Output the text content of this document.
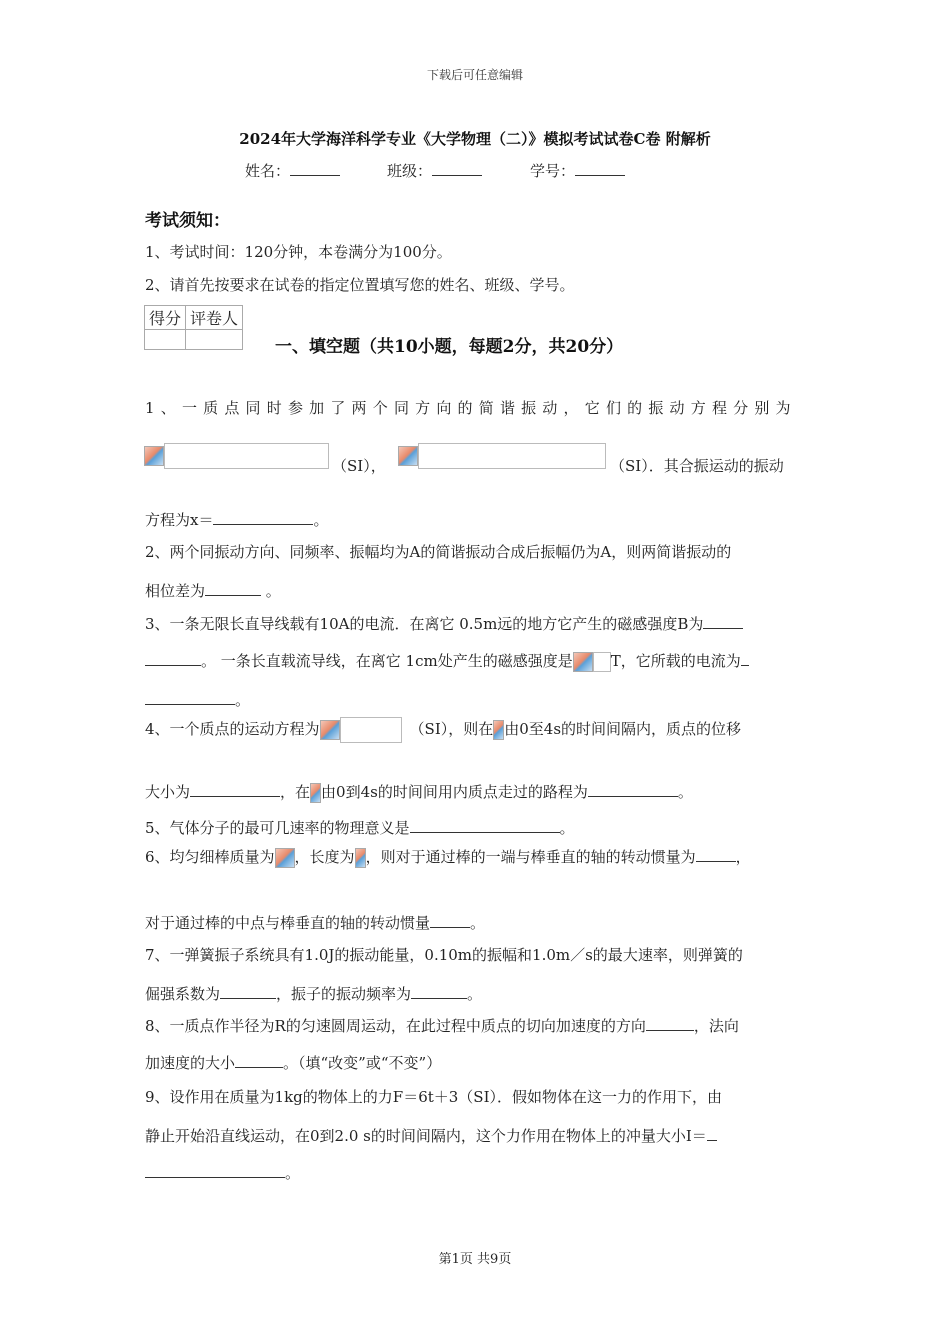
下载后可任意编辑
2024年大学海洋科学专业《大学物理（二）》模拟考试试卷C卷 附解析
姓名：	班级：	学号：
考试须知：
1、考试时间：120分钟，本卷满分为100分。
2、请首先按要求在试卷的指定位置填写您的姓名、班级、学号。
得分	评卷人

一、填空题（共10小题，每题2分，共20分）
1、一质点同时参加了两个同方向的简谐振动，它们的振动方程分别为
（SI），	（SI）．其合振运动的振动
方程为x＝	。
2、两个同振动方向、同频率、振幅均为A的简谐振动合成后振幅仍为A，则两简谐振动的
相位差为	。
3、一条无限长直导线载有10A的电流．在离它 0.5m远的地方它产生的磁感强度B为
。 一条长直载流导线，在离它 1cm处产生的磁感强度是	T，它所载的电流为
。
4、一个质点的运动方程为	（SI），则在 由0至4s的时间间隔内，质点的位移
大小为	，在 由0到4s的时间间用内质点走过的路程为	。
5、气体分子的最可几速率的物理意义是	。
6、均匀细棒质量为 ，长度为 ，则对于通过棒的一端与棒垂直的轴的转动惯量为	，
对于通过棒的中点与棒垂直的轴的转动惯量	。
7、一弹簧振子系统具有1.0J的振动能量，0.10m的振幅和1.0m／s的最大速率，则弹簧的
倔强系数为	，振子的振动频率为	。
8、一质点作半径为R的匀速圆周运动，在此过程中质点的切向加速度的方向	，法向
加速度的大小	。（填“改变”或“不变”）
9、设作用在质量为1kg的物体上的力F＝6t＋3（SI）．假如物体在这一力的作用下，由
静止开始沿直线运动，在0到2.0 s的时间间隔内，这个力作用在物体上的冲量大小I＝
。
第1页 共9页
